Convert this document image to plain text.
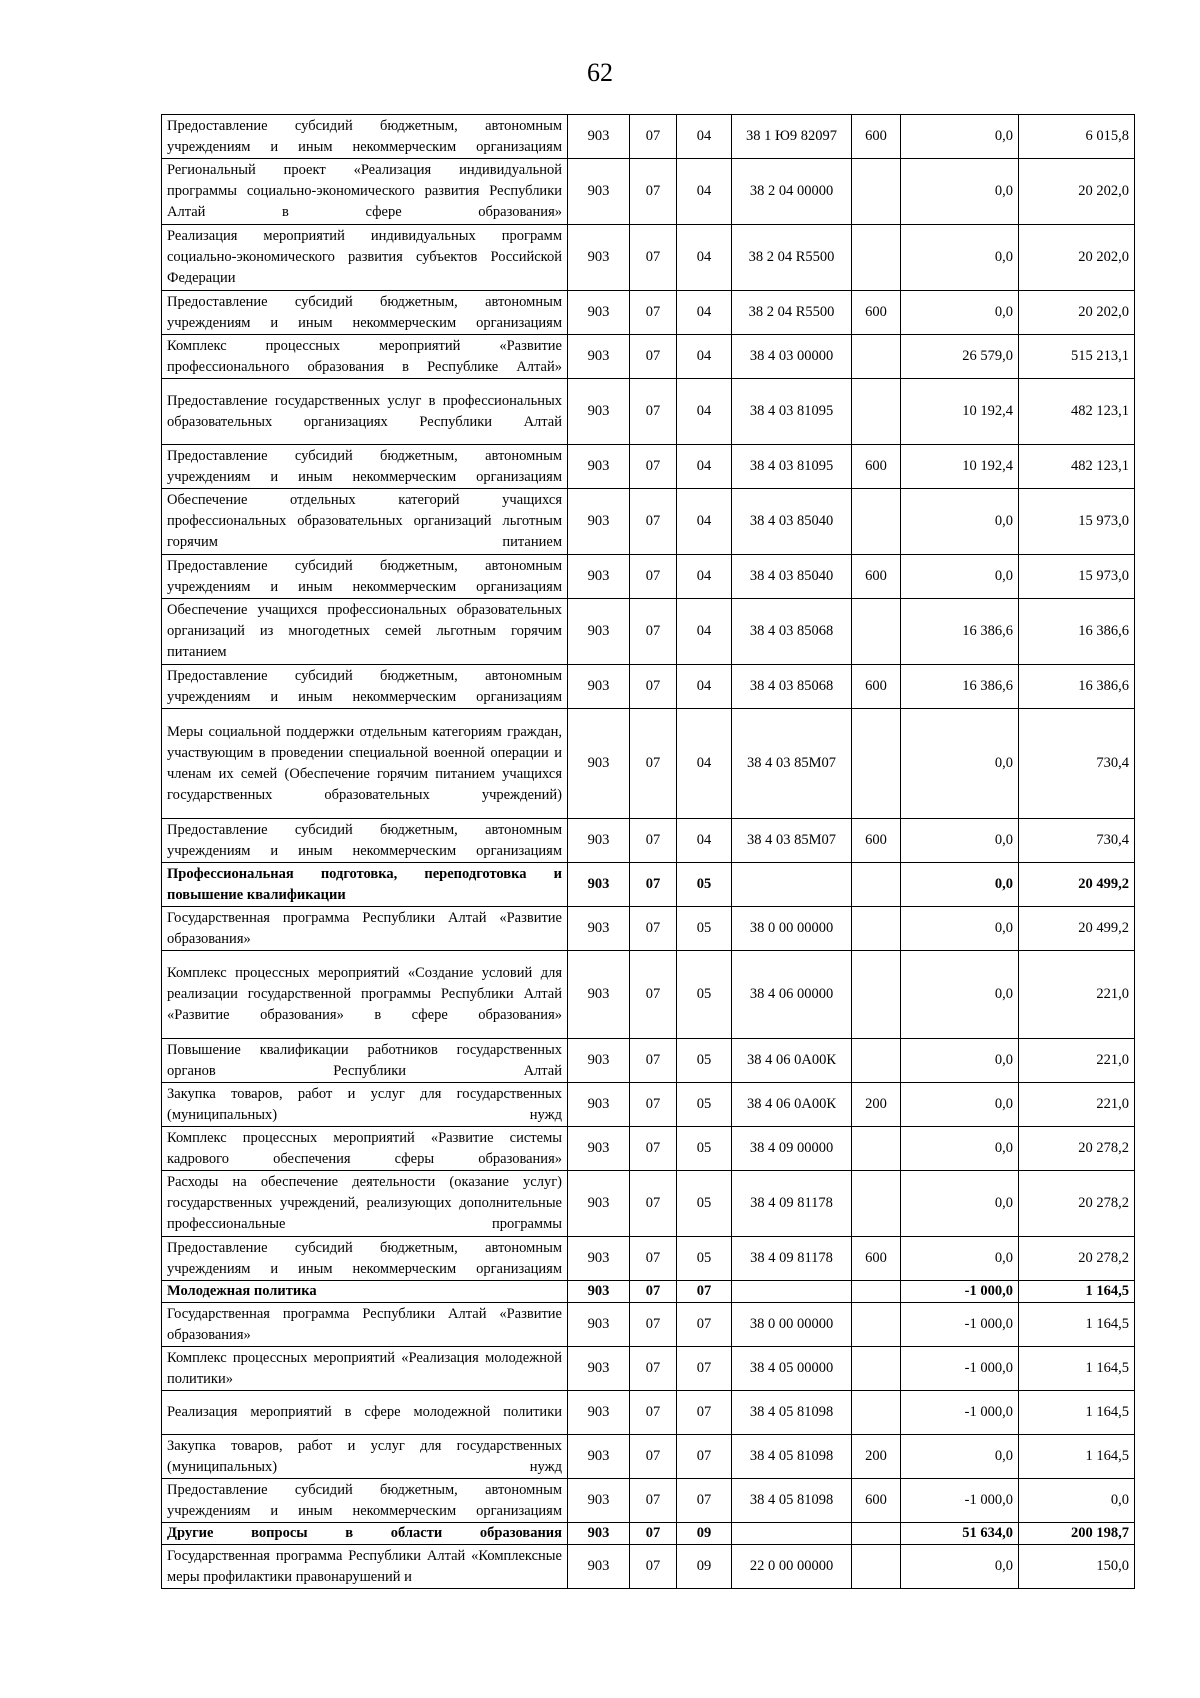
62
Предоставление субсидий бюджетным, автономным учреждениям и иным некоммерческим организациям	903	07	04	38 1 Ю9 82097	600	0,0	6 015,8
Региональный проект «Реализация индивидуальной программы социально-экономического развития Республики Алтай в сфере образования»	903	07	04	38 2 04 00000		0,0	20 202,0
Реализация мероприятий индивидуальных программ социально-экономического развития субъектов Российской Федерации	903	07	04	38 2 04 R5500		0,0	20 202,0
Предоставление субсидий бюджетным, автономным учреждениям и иным некоммерческим организациям	903	07	04	38 2 04 R5500	600	0,0	20 202,0
Комплекс процессных мероприятий «Развитие профессионального образования в Республике Алтай»	903	07	04	38 4 03 00000		26 579,0	515 213,1
Предоставление государственных услуг в профессиональных образовательных организациях Республики Алтай	903	07	04	38 4 03 81095		10 192,4	482 123,1
Предоставление субсидий бюджетным, автономным учреждениям и иным некоммерческим организациям	903	07	04	38 4 03 81095	600	10 192,4	482 123,1
Обеспечение отдельных категорий учащихся профессиональных образовательных организаций льготным горячим питанием	903	07	04	38 4 03 85040		0,0	15 973,0
Предоставление субсидий бюджетным, автономным учреждениям и иным некоммерческим организациям	903	07	04	38 4 03 85040	600	0,0	15 973,0
Обеспечение учащихся профессиональных образовательных организаций из многодетных семей льготным горячим питанием	903	07	04	38 4 03 85068		16 386,6	16 386,6
Предоставление субсидий бюджетным, автономным учреждениям и иным некоммерческим организациям	903	07	04	38 4 03 85068	600	16 386,6	16 386,6
Меры социальной поддержки отдельным категориям граждан, участвующим в проведении специальной военной операции и членам их семей (Обеспечение горячим питанием учащихся государственных образовательных учреждений)	903	07	04	38 4 03 85М07		0,0	730,4
Предоставление субсидий бюджетным, автономным учреждениям и иным некоммерческим организациям	903	07	04	38 4 03 85М07	600	0,0	730,4
Профессиональная подготовка, переподготовка и повышение квалификации	903	07	05			0,0	20 499,2
Государственная программа Республики Алтай «Развитие образования»	903	07	05	38 0 00 00000		0,0	20 499,2
Комплекс процессных мероприятий «Создание условий для реализации государственной программы Республики Алтай «Развитие образования» в сфере образования»	903	07	05	38 4 06 00000		0,0	221,0
Повышение квалификации работников государственных органов Республики Алтай	903	07	05	38 4 06 0А00К		0,0	221,0
Закупка товаров, работ и услуг для государственных (муниципальных) нужд	903	07	05	38 4 06 0А00К	200	0,0	221,0
Комплекс процессных мероприятий «Развитие системы кадрового обеспечения сферы образования»	903	07	05	38 4 09 00000		0,0	20 278,2
Расходы на обеспечение деятельности (оказание услуг) государственных учреждений, реализующих дополнительные профессиональные программы	903	07	05	38 4 09 81178		0,0	20 278,2
Предоставление субсидий бюджетным, автономным учреждениям и иным некоммерческим организациям	903	07	05	38 4 09 81178	600	0,0	20 278,2
Молодежная политика	903	07	07			-1 000,0	1 164,5
Государственная программа Республики Алтай «Развитие образования»	903	07	07	38 0 00 00000		-1 000,0	1 164,5
Комплекс процессных мероприятий «Реализация молодежной политики»	903	07	07	38 4 05 00000		-1 000,0	1 164,5
Реализация мероприятий в сфере молодежной политики	903	07	07	38 4 05 81098		-1 000,0	1 164,5
Закупка товаров, работ и услуг для государственных (муниципальных) нужд	903	07	07	38 4 05 81098	200	0,0	1 164,5
Предоставление субсидий бюджетным, автономным учреждениям и иным некоммерческим организациям	903	07	07	38 4 05 81098	600	-1 000,0	0,0
Другие вопросы в области образования	903	07	09			51 634,0	200 198,7
Государственная программа Республики Алтай «Комплексные меры профилактики правонарушений и	903	07	09	22 0 00 00000		0,0	150,0
